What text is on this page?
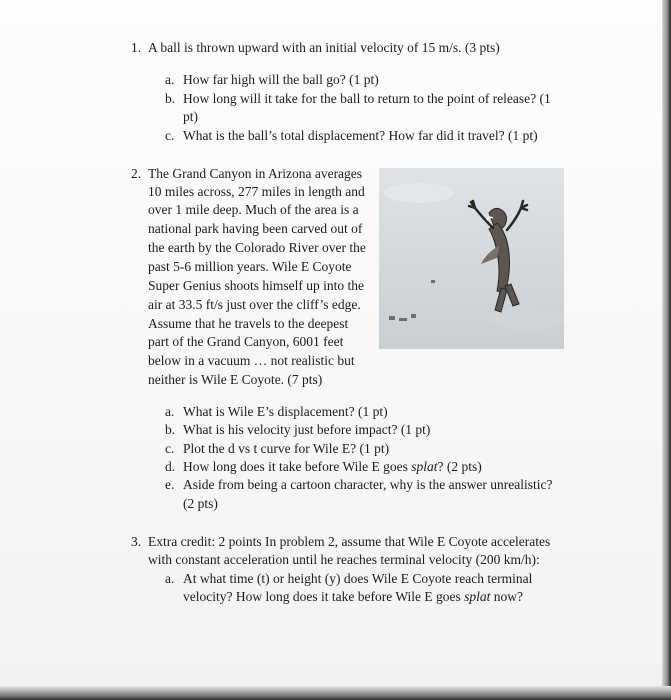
1. A ball is thrown upward with an initial velocity of 15 m/s. (3 pts)
a. How far high will the ball go? (1 pt)
b. How long will it take for the ball to return to the point of release? (1
pt)
c. What is the ball’s total displacement? How far did it travel? (1 pt)
2. The Grand Canyon in Arizona averages
10 miles across, 277 miles in length and
over 1 mile deep. Much of the area is a
national park having been carved out of
the earth by the Colorado River over the
past 5-6 million years. Wile E Coyote
Super Genius shoots himself up into the
air at 33.5 ft/s just over the cliff’s edge.
Assume that he travels to the deepest
part of the Grand Canyon, 6001 feet
below in a vacuum … not realistic but
neither is Wile E Coyote. (7 pts)
a. What is Wile E’s displacement? (1 pt)
b. What is his velocity just before impact? (1 pt)
c. Plot the d vs t curve for Wile E? (1 pt)
d. How long does it take before Wile E goes splat? (2 pts)
e. Aside from being a cartoon character, why is the answer unrealistic?
(2 pts)
3. Extra credit: 2 points In problem 2, assume that Wile E Coyote accelerates
with constant acceleration until he reaches terminal velocity (200 km/h):
a. At what time (t) or height (y) does Wile E Coyote reach terminal
velocity? How long does it take before Wile E goes splat now?
